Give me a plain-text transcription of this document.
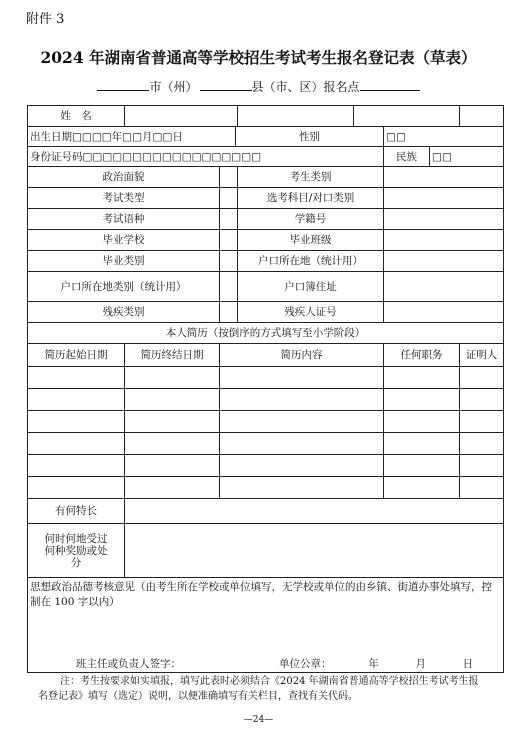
附件 3
2024 年湖南省普通高等学校招生考试考生报名登记表（草表）
市（州）	县（市、区）报名点
姓　名								
出生日期□□□□年□□月□□日			性别			□□		
身份证号码□□□□□□□□□□□□□□□□□□						民族	□□	
政治面貌				考生类别				
考试类型				选考科目/对口类别				
考试语种				学籍号				
毕业学校				毕业班级				
毕业类别				户口所在地（统计用）				
户口所在地类别（统计用）				户口簿住址				
残疾类别				残疾人证号				
本人简历（按倒序的方式填写至小学阶段）								
简历起始日期	简历终结日期	简历内容				任何职务		证明人

有何特长								
何时何地受过何种奖励或处分								

思想政治品德考核意见（由考生所在学校或单位填写，无学校或单位的由乡镇、街道办事处填写，控制在 100 字以内）
班主任或负责人签字： 单位公章： 年 月 日								
注：考生按要求如实填报，填写此表时必须结合《2024 年湖南省普通高等学校招生考试考生报名登记表》填写（选定）说明，以便准确填写有关栏目，查找有关代码。
—24—
